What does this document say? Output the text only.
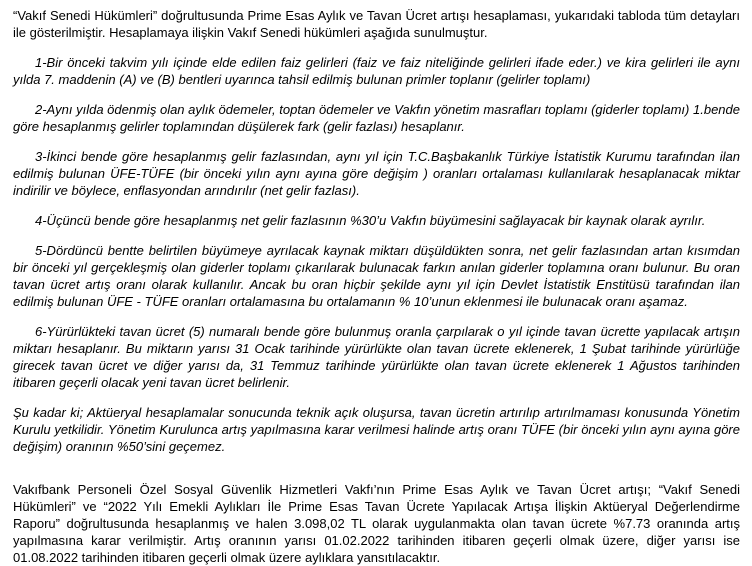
“Vakıf Senedi Hükümleri” doğrultusunda Prime Esas Aylık ve Tavan Ücret artışı hesaplaması, yukarıdaki tabloda tüm detayları ile gösterilmiştir. Hesaplamaya ilişkin Vakıf Senedi hükümleri aşağıda sunulmuştur.

1-Bir önceki takvim yılı içinde elde edilen faiz gelirleri (faiz ve faiz niteliğinde gelirleri ifade eder.) ve kira gelirleri ile aynı yılda 7. maddenin (A) ve (B) bentleri uyarınca tahsil edilmiş bulunan primler toplanır (gelirler toplamı)

2-Aynı yılda ödenmiş olan aylık ödemeler, toptan ödemeler ve Vakfın yönetim masrafları toplamı (giderler toplamı) 1.bende göre hesaplanmış gelirler toplamından düşülerek fark (gelir fazlası) hesaplanır.

3-İkinci bende göre hesaplanmış gelir fazlasından, aynı yıl için T.C.Başbakanlık Türkiye İstatistik Kurumu tarafından ilan edilmiş bulunan ÜFE-TÜFE (bir önceki yılın aynı ayına göre değişim ) oranları ortalaması kullanılarak hesaplanacak miktar indirilir ve böylece, enflasyondan arındırılır (net gelir fazlası).

4-Üçüncü bende göre hesaplanmış net gelir fazlasının %30’u Vakfın büyümesini sağlayacak bir kaynak olarak ayrılır.

5-Dördüncü bentte belirtilen büyümeye ayrılacak kaynak miktarı düşüldükten sonra, net gelir fazlasından artan kısımdan bir önceki yıl gerçekleşmiş olan giderler toplamı çıkarılarak bulunacak farkın anılan giderler toplamına oranı bulunur. Bu oran tavan ücret artış oranı olarak kullanılır. Ancak bu oran hiçbir şekilde aynı yıl için Devlet İstatistik Enstitüsü tarafından ilan edilmiş bulunan ÜFE - TÜFE oranları ortalamasına bu ortalamanın % 10’unun eklenmesi ile bulunacak oranı aşamaz.

6-Yürürlükteki tavan ücret (5) numaralı bende göre bulunmuş oranla çarpılarak o yıl içinde tavan ücrette yapılacak artışın miktarı hesaplanır. Bu miktarın yarısı 31 Ocak tarihinde yürürlükte olan tavan ücrete eklenerek, 1 Şubat tarihinde yürürlüğe girecek tavan ücret ve diğer yarısı da, 31 Temmuz tarihinde yürürlükte olan tavan ücrete eklenerek 1 Ağustos tarihinden itibaren geçerli olacak yeni tavan ücret belirlenir.

Şu kadar ki; Aktüeryal hesaplamalar sonucunda teknik açık oluşursa, tavan ücretin artırılıp artırılmaması konusunda Yönetim Kurulu yetkilidir. Yönetim Kurulunca artış yapılmasına karar verilmesi halinde artış oranı TÜFE (bir önceki yılın aynı ayına göre değişim) oranının %50’sini geçemez.

Vakıfbank Personeli Özel Sosyal Güvenlik Hizmetleri Vakfı’nın Prime Esas Aylık ve Tavan Ücret artışı; “Vakıf Senedi Hükümleri” ve “2022 Yılı Emekli Aylıkları İle Prime Esas Tavan Ücrete Yapılacak Artışa İlişkin Aktüeryal Değerlendirme Raporu” doğrultusunda hesaplanmış ve halen 3.098,02 TL olarak uygulanmakta olan tavan ücrete %7.73 oranında artış yapılmasına karar verilmiştir. Artış oranının yarısı 01.02.2022 tarihinden itibaren geçerli olmak üzere, diğer yarısı ise 01.08.2022 tarihinden itibaren geçerli olmak üzere aylıklara yansıtılacaktır.
